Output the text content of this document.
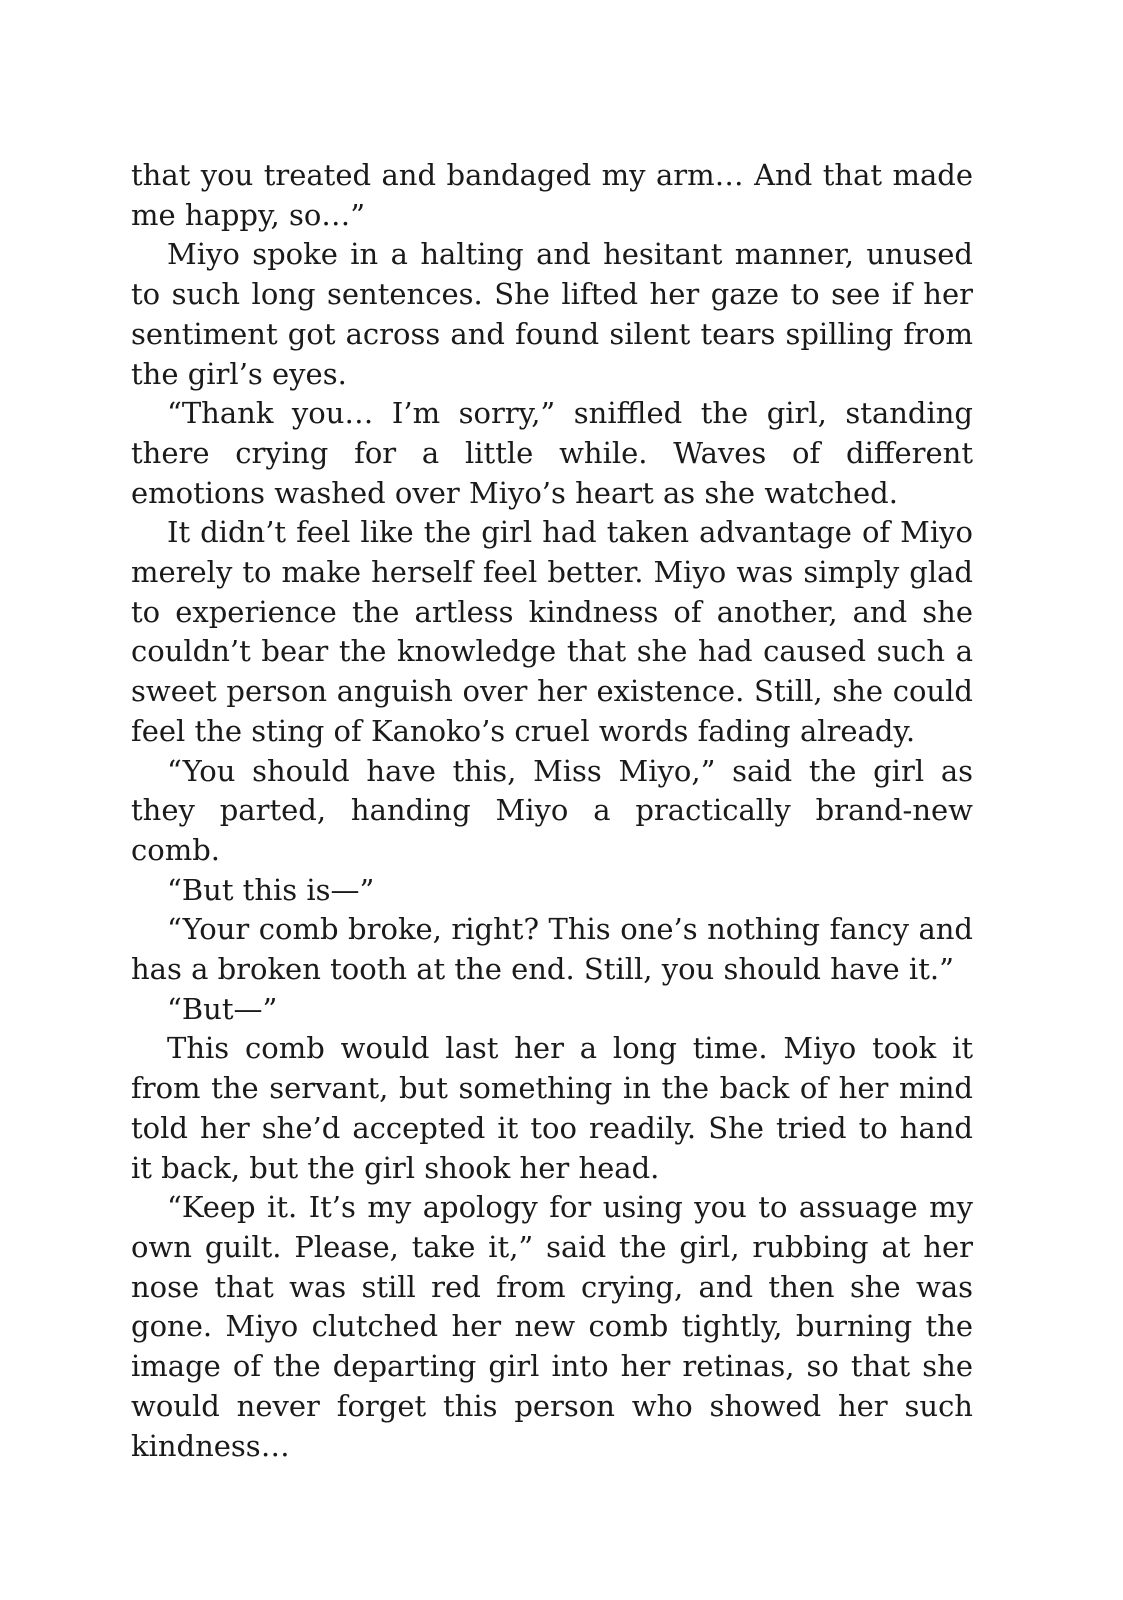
that you treated and bandaged my arm… And that made me happy, so…”

Miyo spoke in a halting and hesitant manner, unused to such long sentences. She lifted her gaze to see if her sentiment got across and found silent tears spilling from the girl’s eyes.

“Thank you… I’m sorry,” sniffled the girl, standing there crying for a little while. Waves of different emotions washed over Miyo’s heart as she watched.

It didn’t feel like the girl had taken advantage of Miyo merely to make herself feel better. Miyo was simply glad to experience the artless kindness of another, and she couldn’t bear the knowledge that she had caused such a sweet person anguish over her existence. Still, she could feel the sting of Kanoko’s cruel words fading already.

“You should have this, Miss Miyo,” said the girl as they parted, handing Miyo a practically brand-new comb.

“But this is—”

“Your comb broke, right? This one’s nothing fancy and has a broken tooth at the end. Still, you should have it.”

“But—”

This comb would last her a long time. Miyo took it from the servant, but something in the back of her mind told her she’d accepted it too readily. She tried to hand it back, but the girl shook her head.

“Keep it. It’s my apology for using you to assuage my own guilt. Please, take it,” said the girl, rubbing at her nose that was still red from crying, and then she was gone. Miyo clutched her new comb tightly, burning the image of the departing girl into her retinas, so that she would never forget this person who showed her such kindness…
